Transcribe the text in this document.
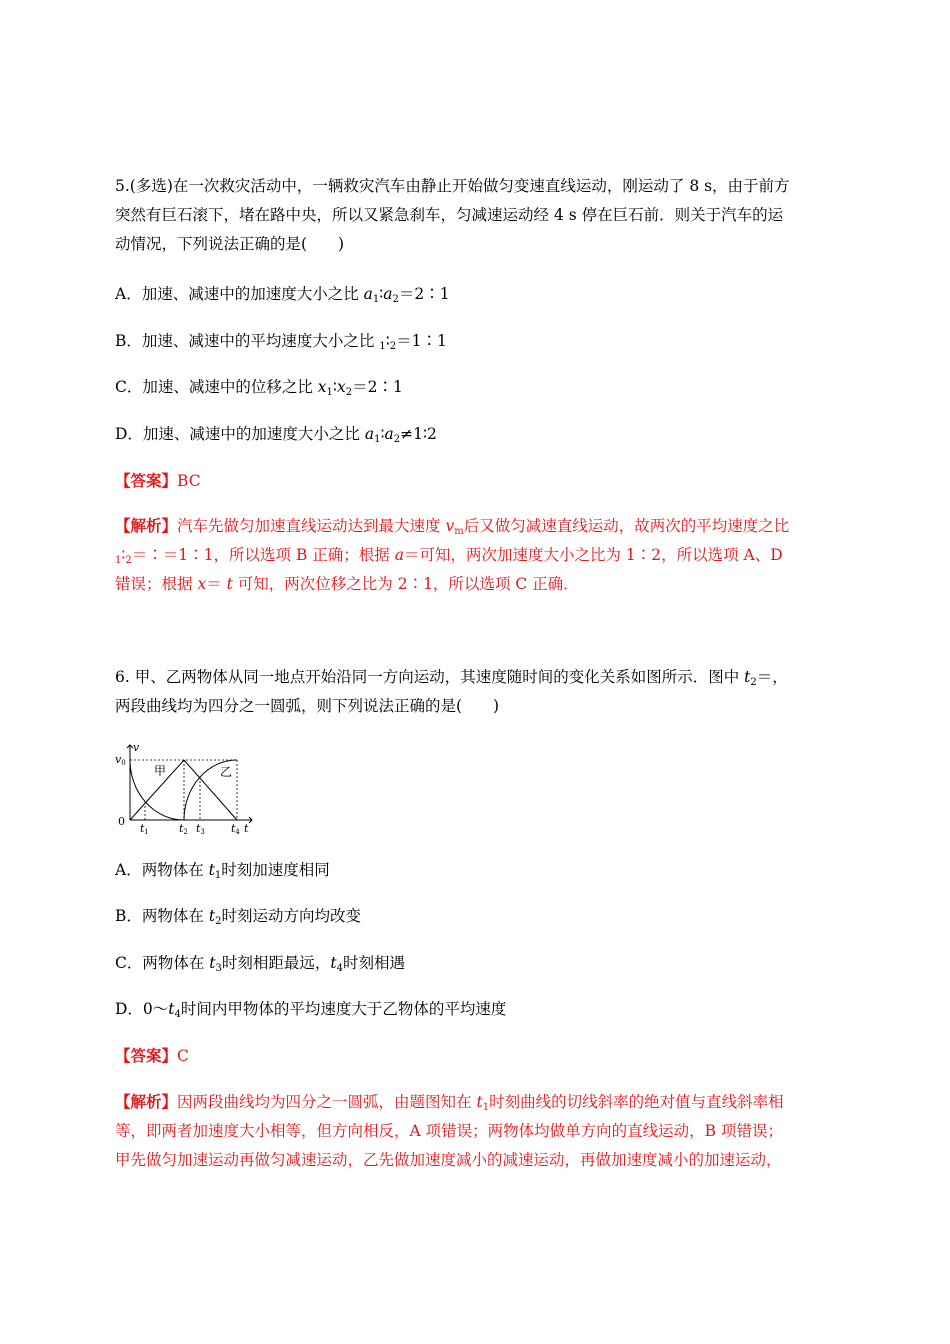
5.(多选)在一次救灾活动中，一辆救灾汽车由静止开始做匀变速直线运动，刚运动了 8 s，由于前方
突然有巨石滚下，堵在路中央，所以又紧急刹车，匀减速运动经 4 s 停在巨石前．则关于汽车的运
动情况，下列说法正确的是(　　)
A．加速、减速中的加速度大小之比 $a_1∶a_2=2∶1$
B．加速、减速中的平均速度大小之比 $_1∶_2=1∶1$
C．加速、减速中的位移之比 $x_1∶x_2=2∶1$
D．加速、减速中的加速度大小之比 $a_1∶a_2\ne 1∶2$
【答案】BC
【解析】汽车先做匀加速直线运动达到最大速度 $v_m$后又做匀减速直线运动，故两次的平均速度之比
$_1∶_2=∶=1∶1$，所以选项 B 正确；根据 a＝可知，两次加速度大小之比为 1∶2，所以选项 A、D
错误；根据 x＝ t 可知，两次位移之比为 2∶1，所以选项 C 正确．
6. 甲、乙两物体从同一地点开始沿同一方向运动，其速度随时间的变化关系如图所示．图中 $t_2=$，
两段曲线均为四分之一圆弧，则下列说法正确的是(　　)
v
v0
0
甲	乙
t1	t2 t3 t4 t
A．两物体在 $t_1$时刻加速度相同
B．两物体在 $t_2$时刻运动方向均改变
C．两物体在 $t_3$时刻相距最远，$t_4$时刻相遇
D．$0\sim t_4$时间内甲物体的平均速度大于乙物体的平均速度
【答案】C
【解析】因两段曲线均为四分之一圆弧，由题图知在 $t_1$时刻曲线的切线斜率的绝对值与直线斜率相
等，即两者加速度大小相等，但方向相反，A 项错误；两物体均做单方向的直线运动，B 项错误；
甲先做匀加速运动再做匀减速运动，乙先做加速度减小的减速运动，再做加速度减小的加速运动，
